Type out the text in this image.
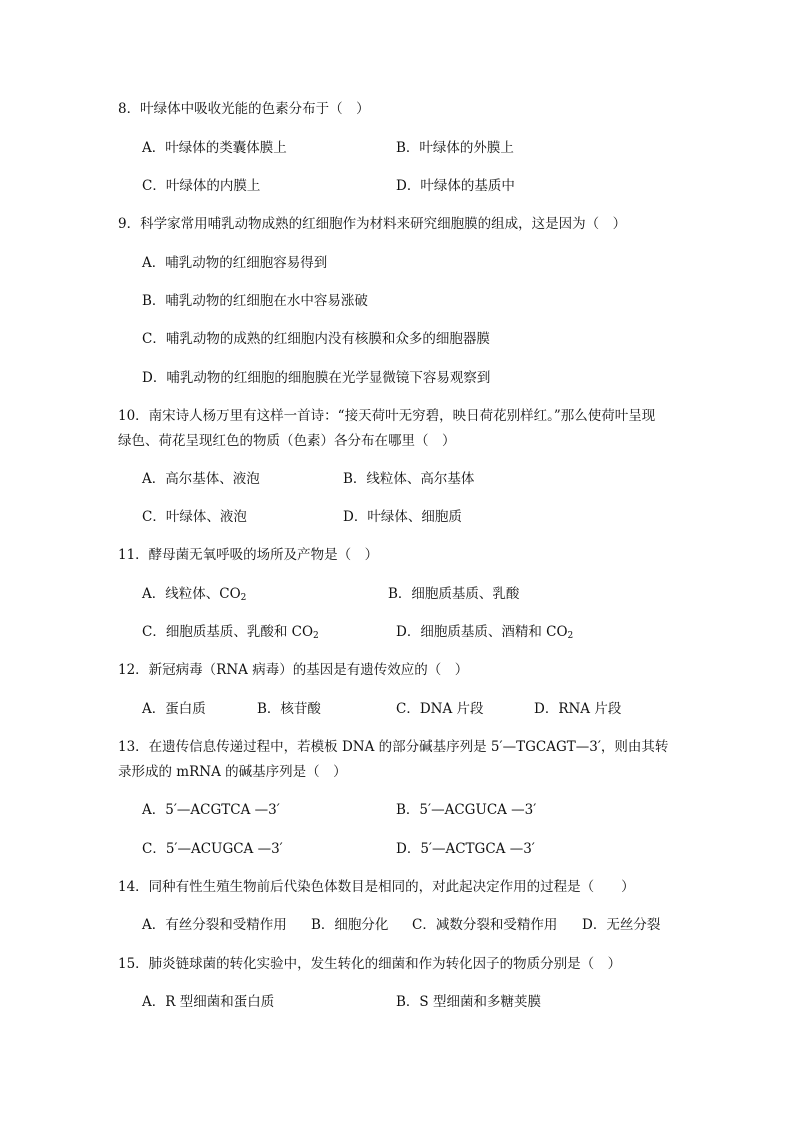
8．叶绿体中吸收光能的色素分布于（　）
A．叶绿体的类囊体膜上	B．叶绿体的外膜上
C．叶绿体的内膜上	D．叶绿体的基质中
9．科学家常用哺乳动物成熟的红细胞作为材料来研究细胞膜的组成，这是因为（　）
A．哺乳动物的红细胞容易得到
B．哺乳动物的红细胞在水中容易涨破
C．哺乳动物的成熟的红细胞内没有核膜和众多的细胞器膜
D．哺乳动物的红细胞的细胞膜在光学显微镜下容易观察到
10．南宋诗人杨万里有这样一首诗：“接天荷叶无穷碧，映日荷花别样红。”那么使荷叶呈现
绿色、荷花呈现红色的物质（色素）各分布在哪里（　）
A．高尔基体、液泡	B．线粒体、高尔基体
C．叶绿体、液泡	D．叶绿体、细胞质
11．酵母菌无氧呼吸的场所及产物是（　）
A．线粒体、$CO_2$	B．细胞质基质、乳酸
C．细胞质基质、乳酸和 $CO_2$	D．细胞质基质、酒精和 $CO_2$
12．新冠病毒（RNA 病毒）的基因是有遗传效应的（　）
A．蛋白质	B．核苷酸	C．DNA 片段	D．RNA 片段
13．在遗传信息传递过程中，若模板 DNA 的部分碱基序列是 5′—TGCAGT—3′，则由其转
录形成的 mRNA 的碱基序列是（　）
A．5′—ACGTCA —3′	B．5′—ACGUCA —3′
C．5′—ACUGCA —3′	D．5′—ACTGCA —3′
14．同种有性生殖生物前后代染色体数目是相同的，对此起决定作用的过程是（　　）
A．有丝分裂和受精作用 B．细胞分化 C．减数分裂和受精作用 D．无丝分裂
15．肺炎链球菌的转化实验中，发生转化的细菌和作为转化因子的物质分别是（　）
A．R 型细菌和蛋白质	B．S 型细菌和多糖荚膜
